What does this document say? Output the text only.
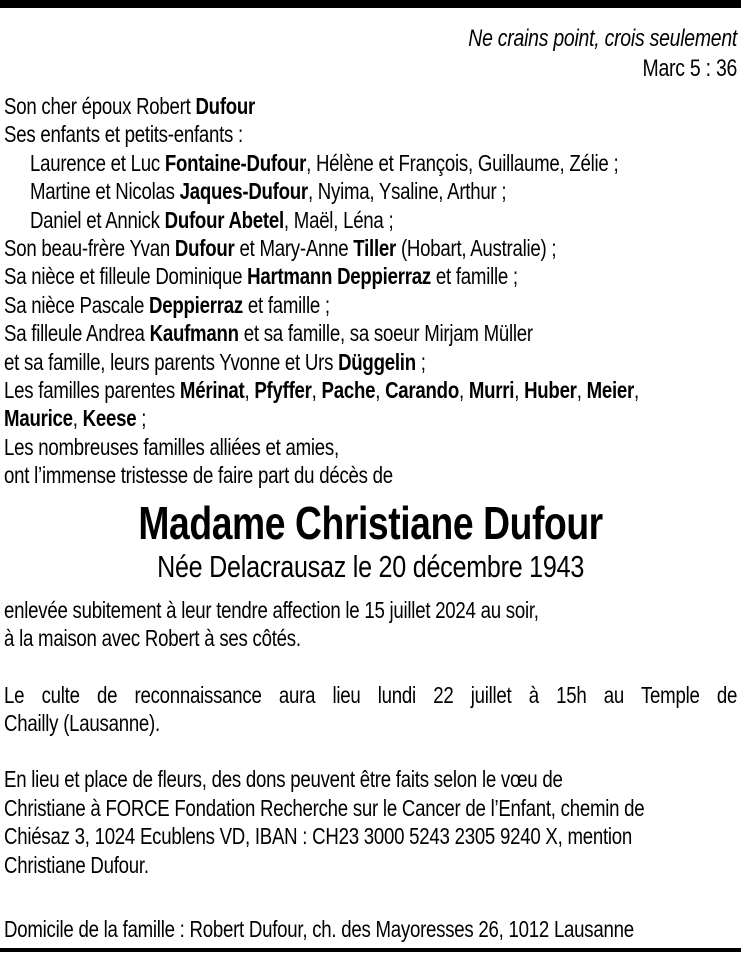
Ne crains point, crois seulement
Marc 5 : 36
Son cher époux Robert Dufour
Ses enfants et petits-enfants :
Laurence et Luc Fontaine-Dufour, Hélène et François, Guillaume, Zélie ;
Martine et Nicolas Jaques-Dufour, Nyima, Ysaline, Arthur ;
Daniel et Annick Dufour Abetel, Maël, Léna ;
Son beau-frère Yvan Dufour et Mary-Anne Tiller (Hobart, Australie) ;
Sa nièce et filleule Dominique Hartmann Deppierraz et famille ;
Sa nièce Pascale Deppierraz et famille ;
Sa filleule Andrea Kaufmann et sa famille, sa soeur Mirjam Müller
et sa famille, leurs parents Yvonne et Urs Düggelin ;
Les familles parentes Mérinat, Pfyffer, Pache, Carando, Murri, Huber, Meier,
Maurice, Keese ;
Les nombreuses familles alliées et amies,
ont l’immense tristesse de faire part du décès de
Madame Christiane Dufour
Née Delacrausaz le 20 décembre 1943
enlevée subitement à leur tendre affection le 15 juillet 2024 au soir,
à la maison avec Robert à ses côtés.
Le culte de reconnaissance aura lieu lundi 22 juillet à 15h au Temple de
Chailly (Lausanne).
En lieu et place de fleurs, des dons peuvent être faits selon le vœu de
Christiane à FORCE Fondation Recherche sur le Cancer de l’Enfant, chemin de
Chiésaz 3, 1024 Ecublens VD, IBAN : CH23 3000 5243 2305 9240 X, mention
Christiane Dufour.
Domicile de la famille : Robert Dufour, ch. des Mayoresses 26, 1012 Lausanne
